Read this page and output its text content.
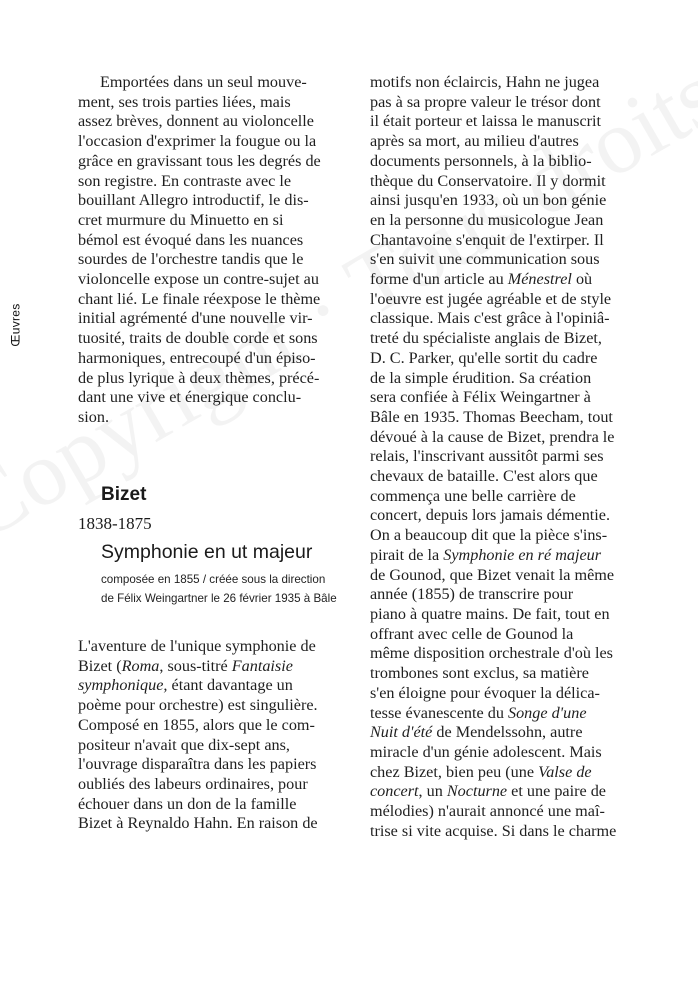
Œuvres
Emportées dans un seul mouve-
ment, ses trois parties liées, mais
assez brèves, donnent au violoncelle
l'occasion d'exprimer la fougue ou la
grâce en gravissant tous les degrés de
son registre. En contraste avec le
bouillant Allegro introductif, le dis-
cret murmure du Minuetto en si
bémol est évoqué dans les nuances
sourdes de l'orchestre tandis que le
violoncelle expose un contre-sujet au
chant lié. Le finale réexpose le thème
initial agrémenté d'une nouvelle vir-
tuosité, traits de double corde et sons
harmoniques, entrecoupé d'un épiso-
de plus lyrique à deux thèmes, précé-
dant une vive et énergique conclu-
sion.
Bizet
1838-1875
Symphonie en ut majeur
composée en 1855 / créée sous la direction
de Félix Weingartner le 26 février 1935 à Bâle
L'aventure de l'unique symphonie de
Bizet (Roma, sous-titré Fantaisie
symphonique, étant davantage un
poème pour orchestre) est singulière.
Composé en 1855, alors que le com-
positeur n'avait que dix-sept ans,
l'ouvrage disparaîtra dans les papiers
oubliés des labeurs ordinaires, pour
échouer dans un don de la famille
Bizet à Reynaldo Hahn. En raison de
motifs non éclaircis, Hahn ne jugea
pas à sa propre valeur le trésor dont
il était porteur et laissa le manuscrit
après sa mort, au milieu d'autres
documents personnels, à la biblio-
thèque du Conservatoire. Il y dormit
ainsi jusqu'en 1933, où un bon génie
en la personne du musicologue Jean
Chantavoine s'enquit de l'extirper. Il
s'en suivit une communication sous
forme d'un article au Ménestrel où
l'oeuvre est jugée agréable et de style
classique. Mais c'est grâce à l'opiniâ-
treté du spécialiste anglais de Bizet,
D. C. Parker, qu'elle sortit du cadre
de la simple érudition. Sa création
sera confiée à Félix Weingartner à
Bâle en 1935. Thomas Beecham, tout
dévoué à la cause de Bizet, prendra le
relais, l'inscrivant aussitôt parmi ses
chevaux de bataille. C'est alors que
commença une belle carrière de
concert, depuis lors jamais démentie.
On a beaucoup dit que la pièce s'ins-
pirait de la Symphonie en ré majeur
de Gounod, que Bizet venait la même
année (1855) de transcrire pour
piano à quatre mains. De fait, tout en
offrant avec celle de Gounod la
même disposition orchestrale d'où les
trombones sont exclus, sa matière
s'en éloigne pour évoquer la délica-
tesse évanescente du Songe d'une
Nuit d'été de Mendelssohn, autre
miracle d'un génie adolescent. Mais
chez Bizet, bien peu (une Valse de
concert, un Nocturne et une paire de
mélodies) n'aurait annoncé une maî-
trise si vite acquise. Si dans le charme
